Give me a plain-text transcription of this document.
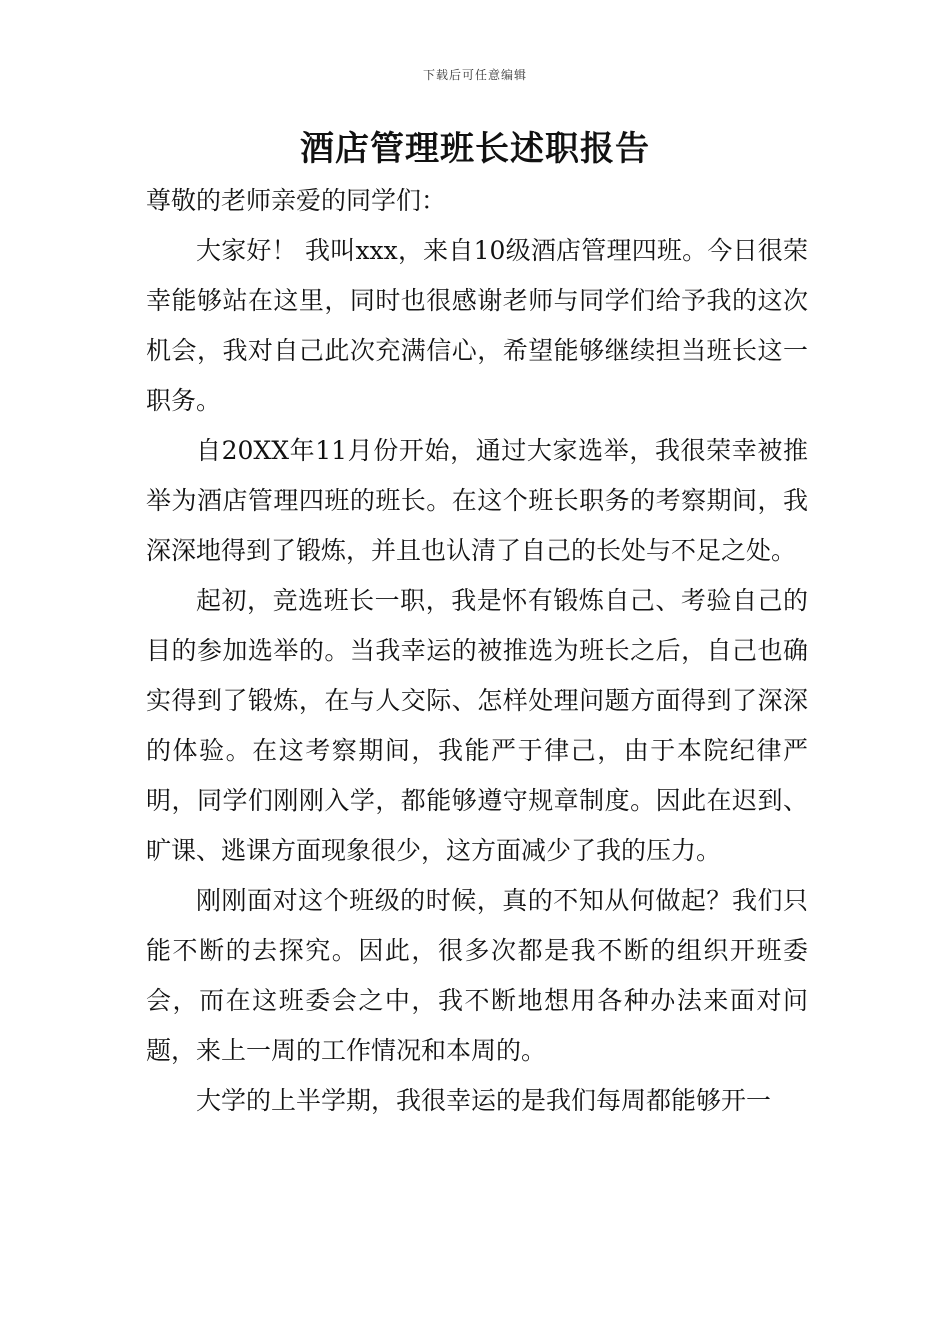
下载后可任意编辑
酒店管理班长述职报告

尊敬的老师亲爱的同学们：

大家好！ 我叫xxx，来自10级酒店管理四班。今日很荣幸能够站在这里，同时也很感谢老师与同学们给予我的这次机会，我对自己此次充满信心，希望能够继续担当班长这一职务。

自20XX年11月份开始，通过大家选举，我很荣幸被推举为酒店管理四班的班长。在这个班长职务的考察期间，我深深地得到了锻炼，并且也认清了自己的长处与不足之处。

起初，竞选班长一职，我是怀有锻炼自己、考验自己的目的参加选举的。当我幸运的被推选为班长之后，自己也确实得到了锻炼，在与人交际、怎样处理问题方面得到了深深的体验。在这考察期间，我能严于律己，由于本院纪律严明，同学们刚刚入学，都能够遵守规章制度。因此在迟到、旷课、逃课方面现象很少，这方面减少了我的压力。

刚刚面对这个班级的时候，真的不知从何做起？我们只能不断的去探究。因此，很多次都是我不断的组织开班委会，而在这班委会之中，我不断地想用各种办法来面对问题，来上一周的工作情况和本周的。

大学的上半学期，我很幸运的是我们每周都能够开一
